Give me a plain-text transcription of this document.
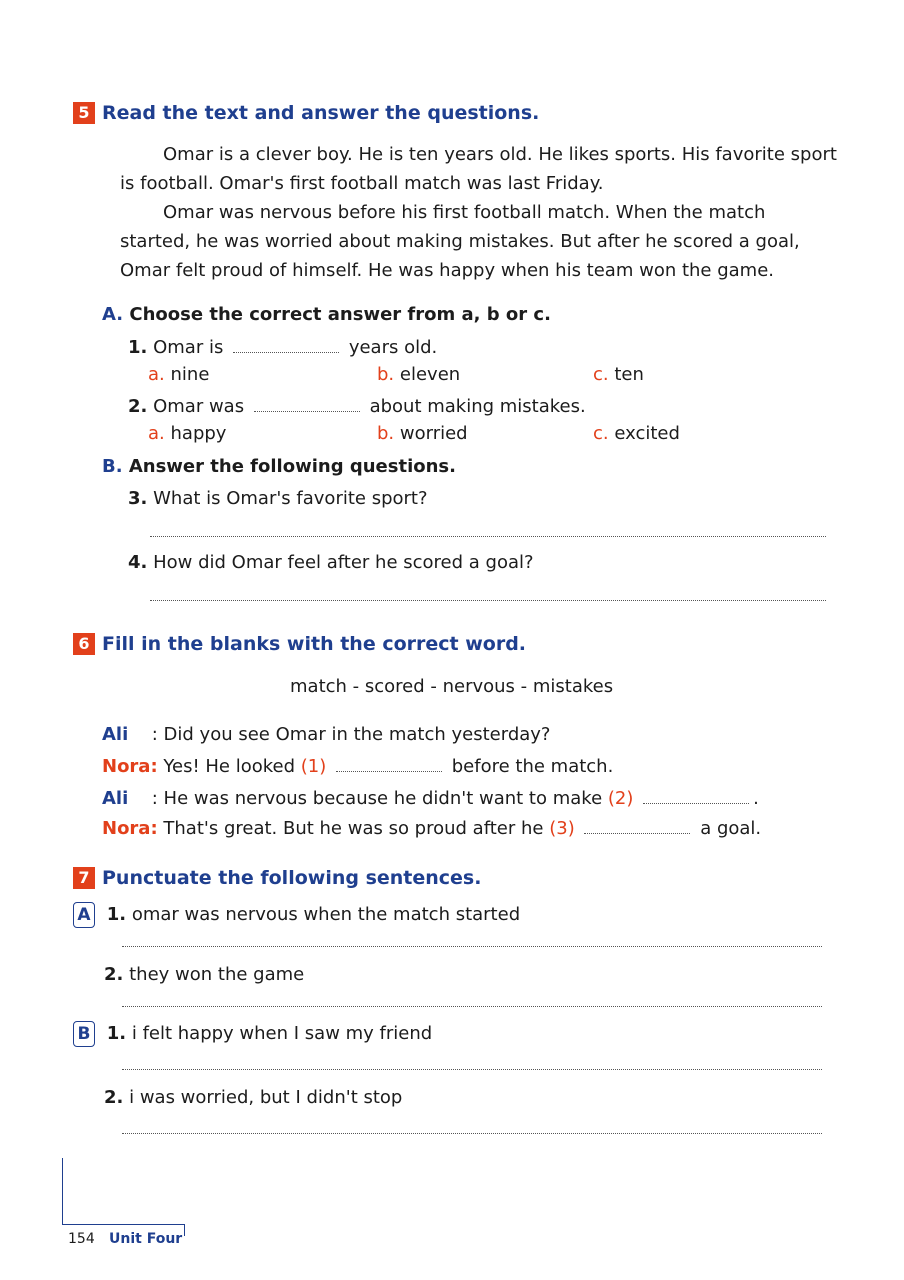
5 Read the text and answer the questions.
Omar is a clever boy. He is ten years old. He likes sports. His favorite sport
is football. Omar's first football match was last Friday.
Omar was nervous before his first football match. When the match
started, he was worried about making mistakes. But after he scored a goal,
Omar felt proud of himself. He was happy when his team won the game.
A. Choose the correct answer from a, b or c.
1. Omar is	years old.
a. nine	b. eleven	c. ten
2. Omar was	about making mistakes.
a. happy	b. worried	c. excited
B. Answer the following questions.
3. What is Omar's favorite sport?
4. How did Omar feel after he scored a goal?
6 Fill in the blanks with the correct word.
match - scored - nervous - mistakes
Ali : Did you see Omar in the match yesterday?
Nora: Yes! He looked (1)	before the match.
Ali : He was nervous because he didn't want to make (2)	.
Nora: That's great. But he was so proud after he (3)	a goal.
7 Punctuate the following sentences.
A 1. omar was nervous when the match started
2. they won the game
B 1. i felt happy when I saw my friend
2. i was worried, but I didn't stop
154 Unit Four
